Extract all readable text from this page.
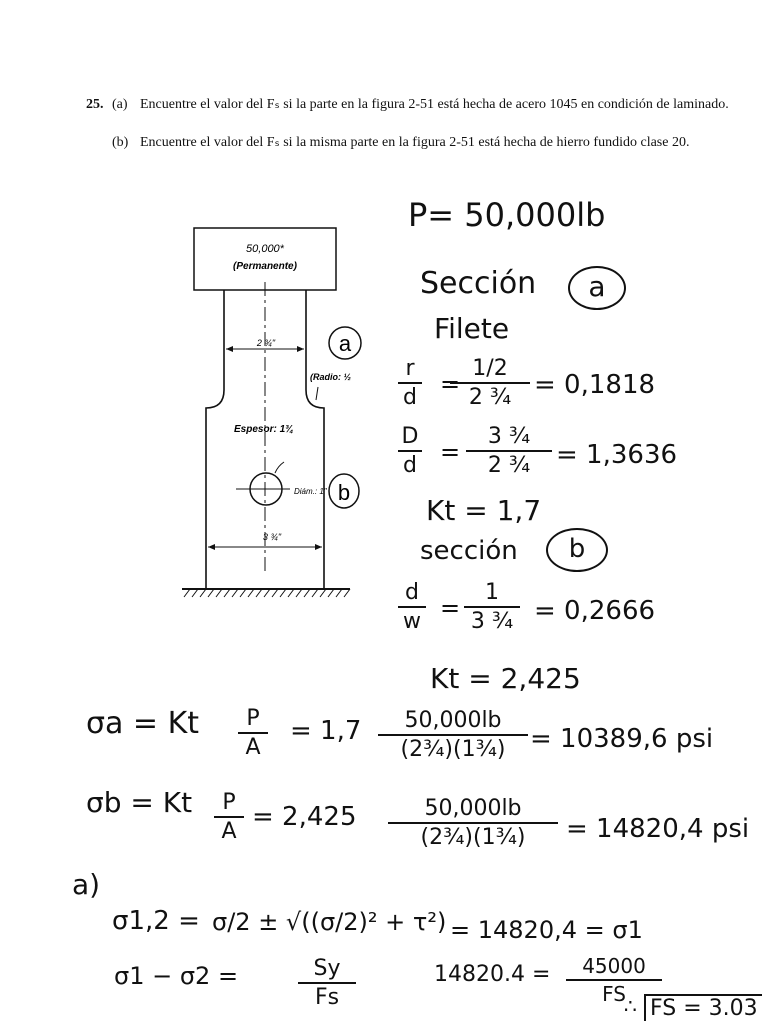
25. (a) Encuentre el valor del Fₛ si la parte en la figura 2-51 está hecha de acero 1045 en condición de laminado.
(b) Encuentre el valor del Fₛ si la misma parte en la figura 2-51 está hecha de hierro fundido clase 20.
50,000*
(Permanente)
2 ¾"
(Radio: ½
Espesor: 1¾
Diám.: 1"
3 ¾"
a
b
P= 50,000lb
Sección	a
Filete
r
d =
1/2
2 ¾ = 0,1818
D
d =
3 ¾
2 ¾ = 1,3636
Kt = 1,7
sección	b
d
w =
1
3 ¾ = 0,2666
Kt = 2,425
σa = Kt	P
A
= 1,7	50,000lb
(2¾)(1¾) = 10389,6 psi
σb = Kt	P
A = 2,425	50,000lb
(2¾)(1¾)	= 14820,4 psi
a)
σ1,2 = σ/2 ± √((σ/2)² + τ²) = 14820,4 = σ1
σ1 − σ2 =	Sy
Fs
14820.4 =	45000
FS
∴ FS = 3.03
